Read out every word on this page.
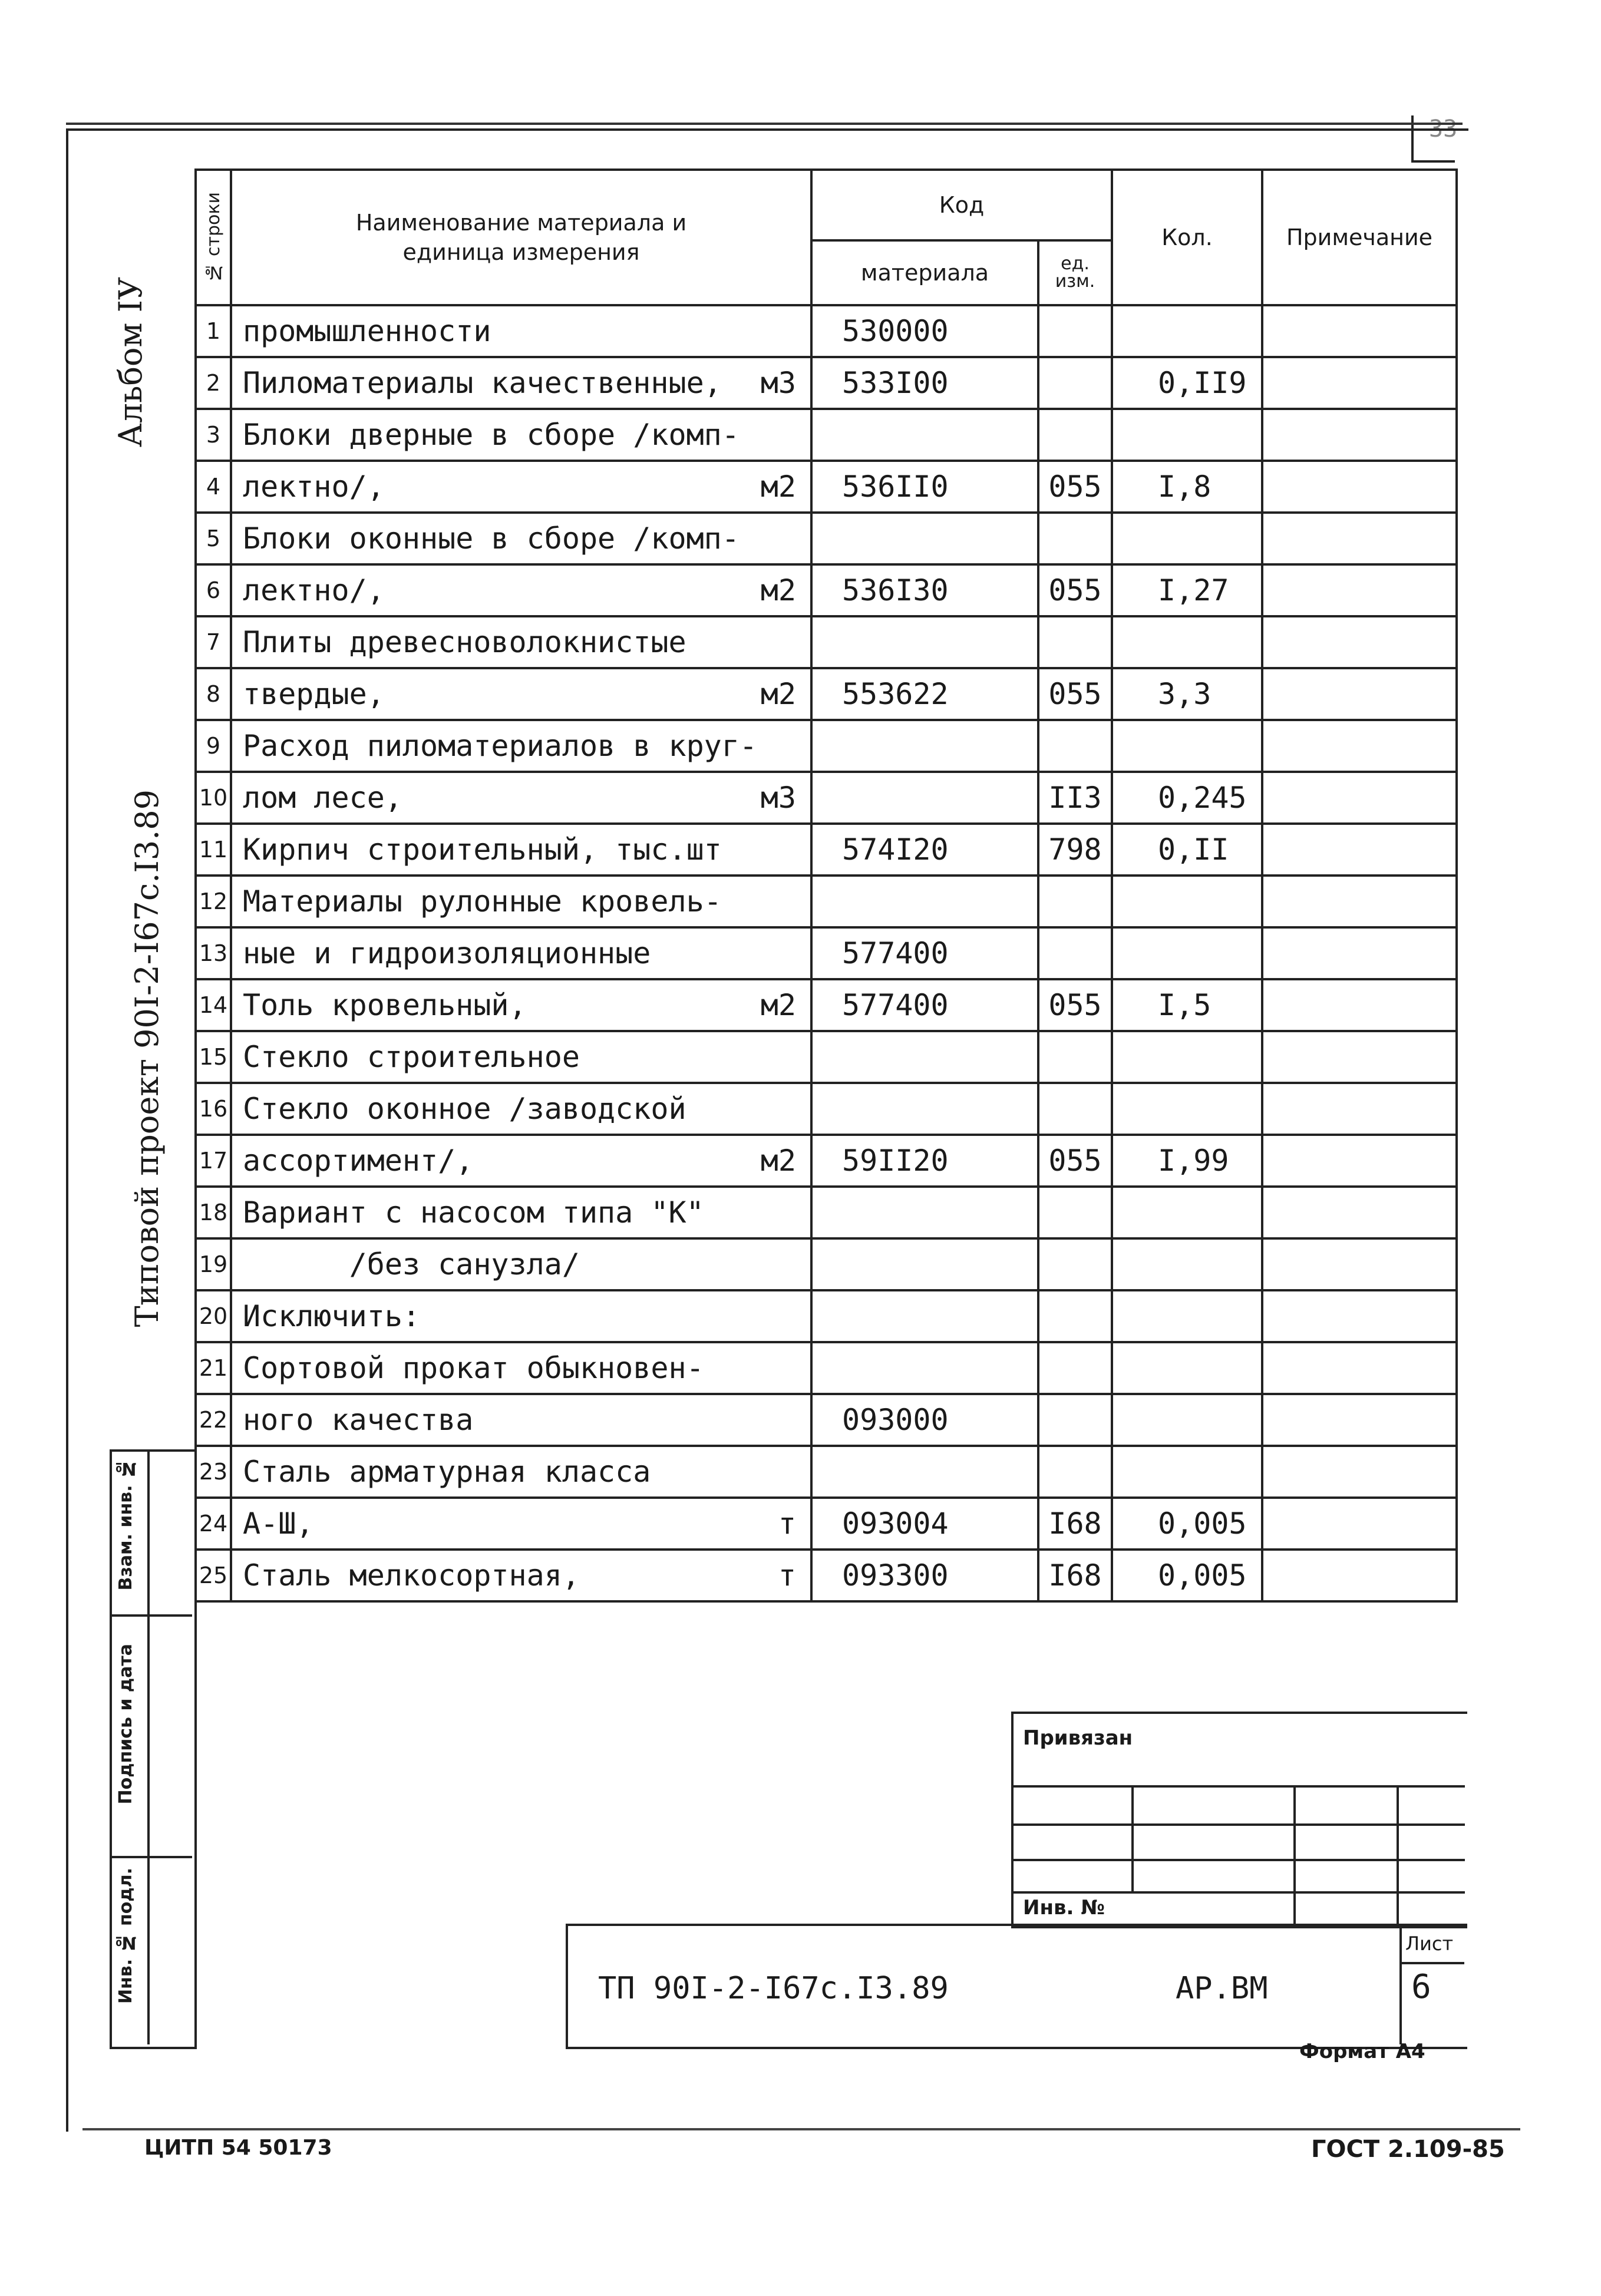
33
Альбом IУ
Типовой проект 90I-2-I67с.I3.89
Взам. инв. №
Подпись и дата
Инв. № подл.
№ строки	Наименование материала и единица измерения	Код		Кол.	Примечание
		материала	ед. изм.		
1	промышленности	530000			
2	Пиломатериалы качественные, м3	533I00		0,II9	
3	Блоки дверные в сборе /комп-

4	лектно/, м2	536II0	055	I,8	
5	Блоки оконные в сборе /комп-

6	лектно/, м2	536I30	055	I,27	
7	Плиты древесноволокнистые

8	твердые, м2	553622	055	3,3	
9	Расход пиломатериалов в круг-

10	лом лесе, м3		II3	0,245	
11	Кирпич строительный, тыс.шт	574I20	798	0,II	
12	Материалы рулонные кровель-

13	ные и гидроизоляционные	577400			
14	Толь кровельный, м2	577400	055	I,5	
15	Стекло строительное

16	Стекло оконное /заводской

17	ассортимент/, м2	59II20	055	I,99	
18	Вариант с насосом типа "К"

19	/без санузла/

20	Исключить:

21	Сортовой прокат обыкновен-

22	ного качества	093000			
23	Сталь арматурная класса

24	А-Ш, т	093004	I68	0,005	
25	Сталь мелкосортная, т	093300	I68	0,005	
Привязан
Инв. №
ТП 90I-2-I67с.I3.89	АР.ВМ
Лист
6
Формат А4
ЦИТП 54 50173	ГОСТ 2.109-85
